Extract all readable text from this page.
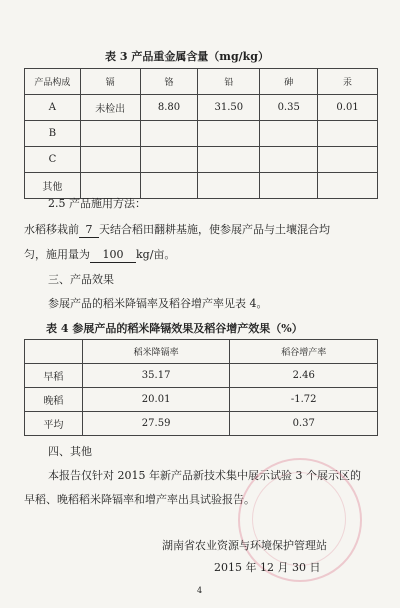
表 3 产品重金属含量（mg/kg）
产品构成	镉	铬	铅	砷	汞
A	未检出	8.80	31.50	0.35	0.01
B					
C					
其他					
2.5 产品施用方法：
水稻移栽前 7 天结合稻田翻耕基施，使参展产品与土壤混合均
匀，施用量为 100 kg/亩。
三、产品效果
参展产品的稻米降镉率及稻谷增产率见表 4。
表 4 参展产品的稻米降镉效果及稻谷增产效果（%）
	稻米降镉率	稻谷增产率
早稻	35.17	2.46
晚稻	20.01	-1.72
平均	27.59	0.37
四、其他
本报告仅针对 2015 年新产品新技术集中展示试验 3 个展示区的
早稻、晚稻稻米降镉率和增产率出具试验报告。
湖南省农业资源与环境保护管理站
2015 年 12 月 30 日
4
